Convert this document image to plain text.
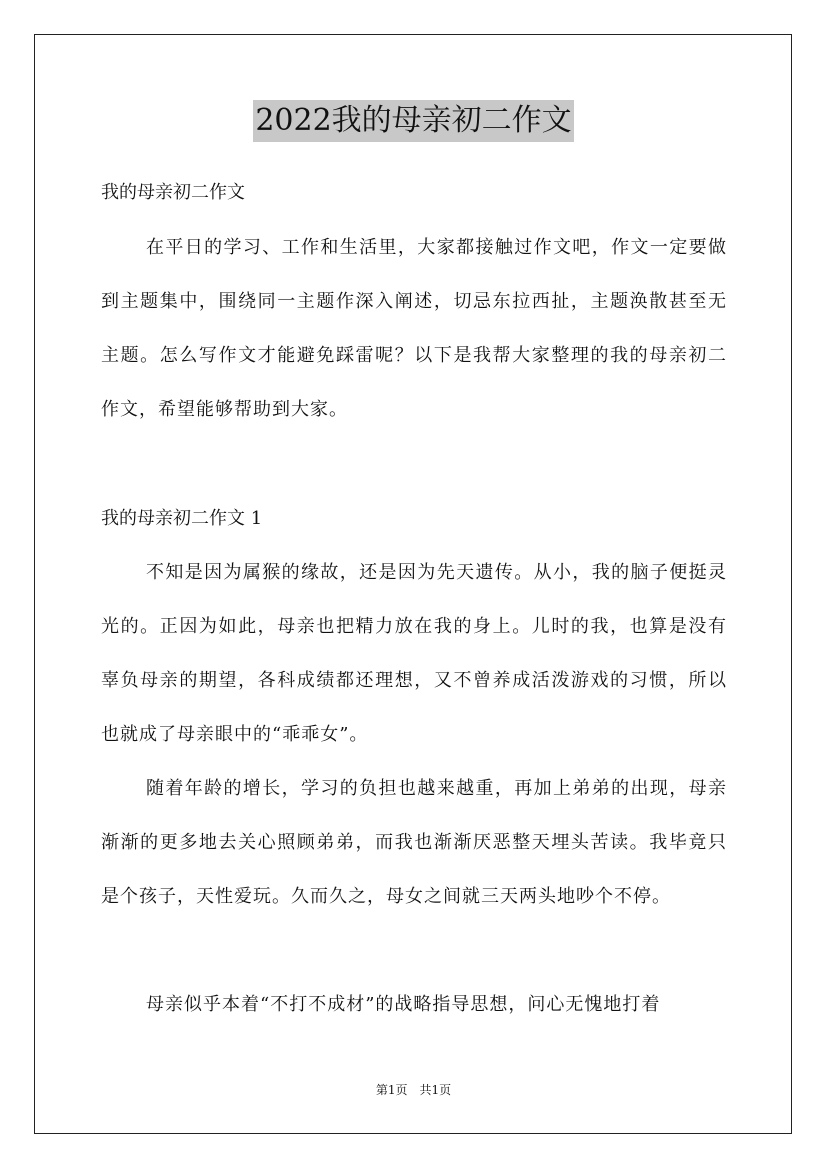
2022我的母亲初二作文
我的母亲初二作文

在平日的学习、工作和生活里，大家都接触过作文吧，作文一定要做到主题集中，围绕同一主题作深入阐述，切忌东拉西扯，主题涣散甚至无主题。怎么写作文才能避免踩雷呢？以下是我帮大家整理的我的母亲初二作文，希望能够帮助到大家。

我的母亲初二作文 1

不知是因为属猴的缘故，还是因为先天遗传。从小，我的脑子便挺灵光的。正因为如此，母亲也把精力放在我的身上。儿时的我，也算是没有辜负母亲的期望，各科成绩都还理想，又不曾养成活泼游戏的习惯，所以也就成了母亲眼中的“乖乖女”。

随着年龄的增长，学习的负担也越来越重，再加上弟弟的出现，母亲渐渐的更多地去关心照顾弟弟，而我也渐渐厌恶整天埋头苦读。我毕竟只是个孩子，天性爱玩。久而久之，母女之间就三天两头地吵个不停。

母亲似乎本着“不打不成材”的战略指导思想，问心无愧地打着

第1页　共1页
